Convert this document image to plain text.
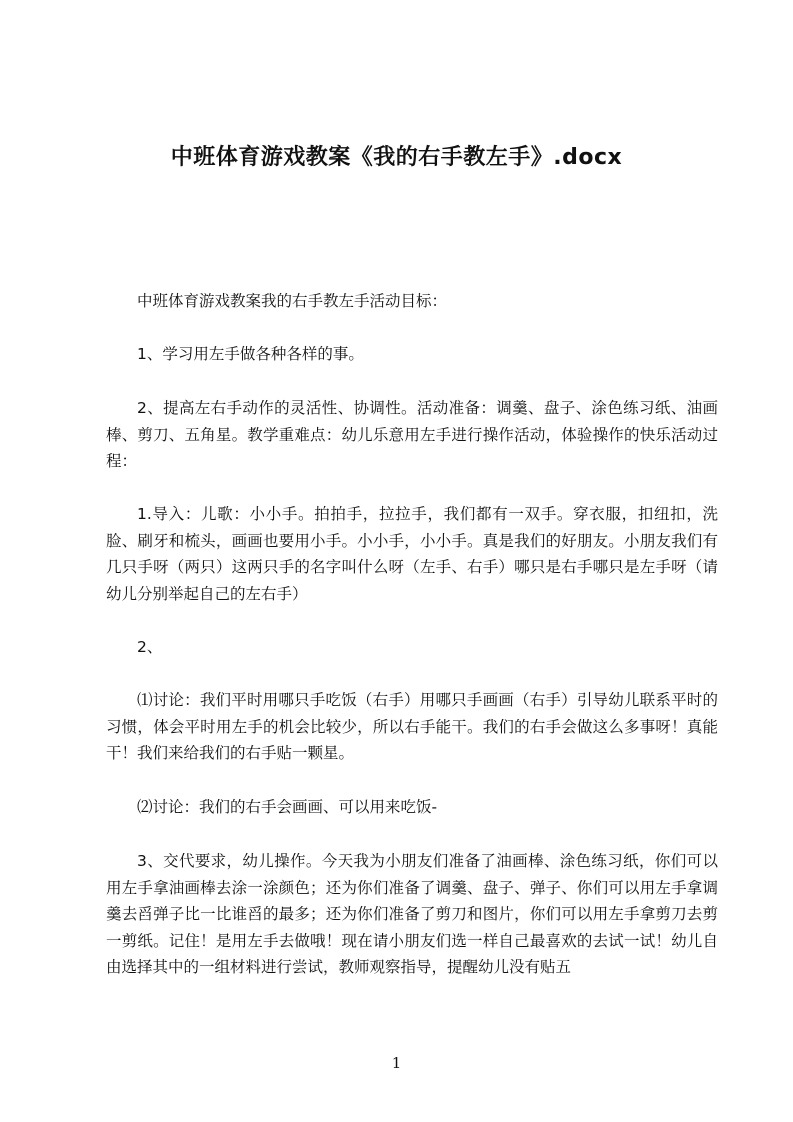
中班体育游戏教案《我的右手教左手》.docx

中班体育游戏教案我的右手教左手活动目标：

1、学习用左手做各种各样的事。

2、提高左右手动作的灵活性、协调性。活动准备：调羹、盘子、涂色练习纸、油画棒、剪刀、五角星。教学重难点：幼儿乐意用左手进行操作活动，体验操作的快乐活动过程：

1.导入：儿歌：小小手。拍拍手，拉拉手，我们都有一双手。穿衣服，扣纽扣，洗脸、刷牙和梳头，画画也要用小手。小小手，小小手。真是我们的好朋友。小朋友我们有几只手呀（两只）这两只手的名字叫什么呀（左手、右手）哪只是右手哪只是左手呀（请幼儿分别举起自己的左右手）

2、

⑴讨论：我们平时用哪只手吃饭（右手）用哪只手画画（右手）引导幼儿联系平时的习惯，体会平时用左手的机会比较少，所以右手能干。我们的右手会做这么多事呀！真能干！我们来给我们的右手贴一颗星。

⑵讨论：我们的右手会画画、可以用来吃饭-

3、交代要求，幼儿操作。今天我为小朋友们准备了油画棒、涂色练习纸，你们可以用左手拿油画棒去涂一涂颜色；还为你们准备了调羹、盘子、弹子、你们可以用左手拿调羹去舀弹子比一比谁舀的最多；还为你们准备了剪刀和图片，你们可以用左手拿剪刀去剪一剪纸。记住！是用左手去做哦！现在请小朋友们选一样自己最喜欢的去试一试！幼儿自由选择其中的一组材料进行尝试，教师观察指导，提醒幼儿没有贴五

1
